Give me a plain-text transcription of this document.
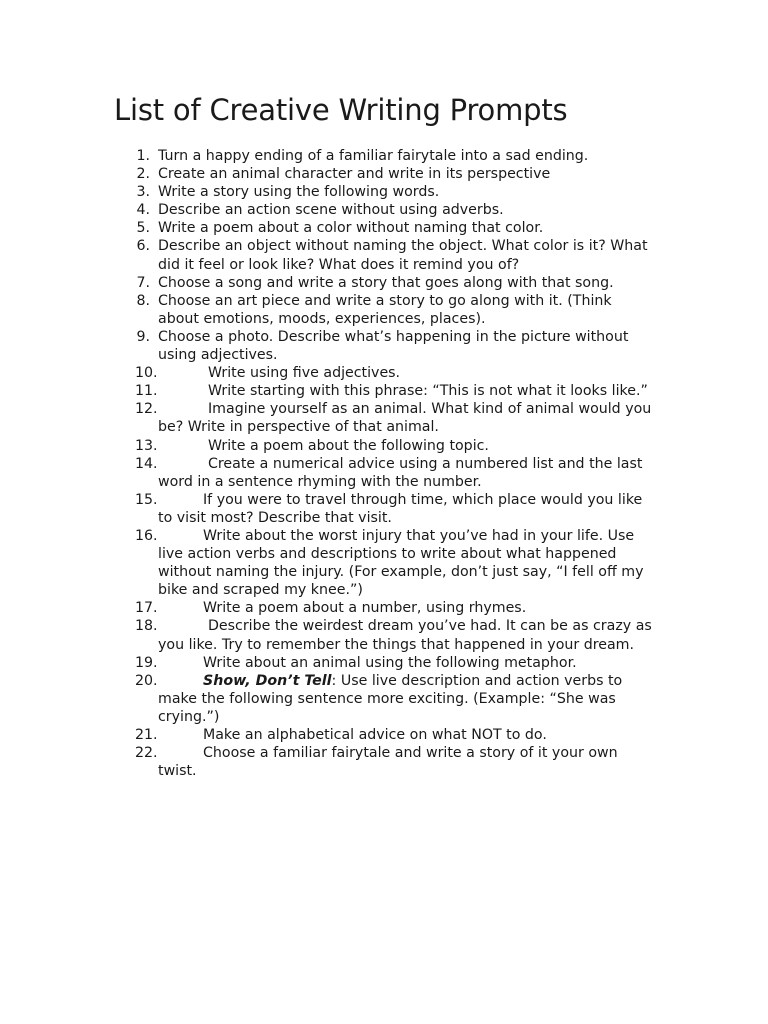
List of Creative Writing Prompts
1. Turn a happy ending of a familiar fairytale into a sad ending.
2. Create an animal character and write in its perspective
3. Write a story using the following words.
4. Describe an action scene without using adverbs.
5. Write a poem about a color without naming that color.
6. Describe an object without naming the object. What color is it? What did it feel or look like? What does it remind you of?
7. Choose a song and write a story that goes along with that song.
8. Choose an art piece and write a story to go along with it. (Think about emotions, moods, experiences, places).
9. Choose a photo. Describe what’s happening in the picture without using adjectives.
10.	Write using five adjectives.
11.	Write starting with this phrase: “This is not what it looks like.”
12.	Imagine yourself as an animal. What kind of animal would you be? Write in perspective of that animal.
13.	Write a poem about the following topic.
14.	Create a numerical advice using a numbered list and the last word in a sentence rhyming with the number.
15.	If you were to travel through time, which place would you like to visit most? Describe that visit.
16.	Write about the worst injury that you’ve had in your life. Use live action verbs and descriptions to write about what happened without naming the injury. (For example, don’t just say, “I fell off my bike and scraped my knee.”)
17.	Write a poem about a number, using rhymes.
18.	Describe the weirdest dream you’ve had. It can be as crazy as you like. Try to remember the things that happened in your dream.
19.	Write about an animal using the following metaphor.
20.	Show, Don’t Tell: Use live description and action verbs to make the following sentence more exciting. (Example: “She was crying.”)
21.	Make an alphabetical advice on what NOT to do.
22.	Choose a familiar fairytale and write a story of it your own twist.
